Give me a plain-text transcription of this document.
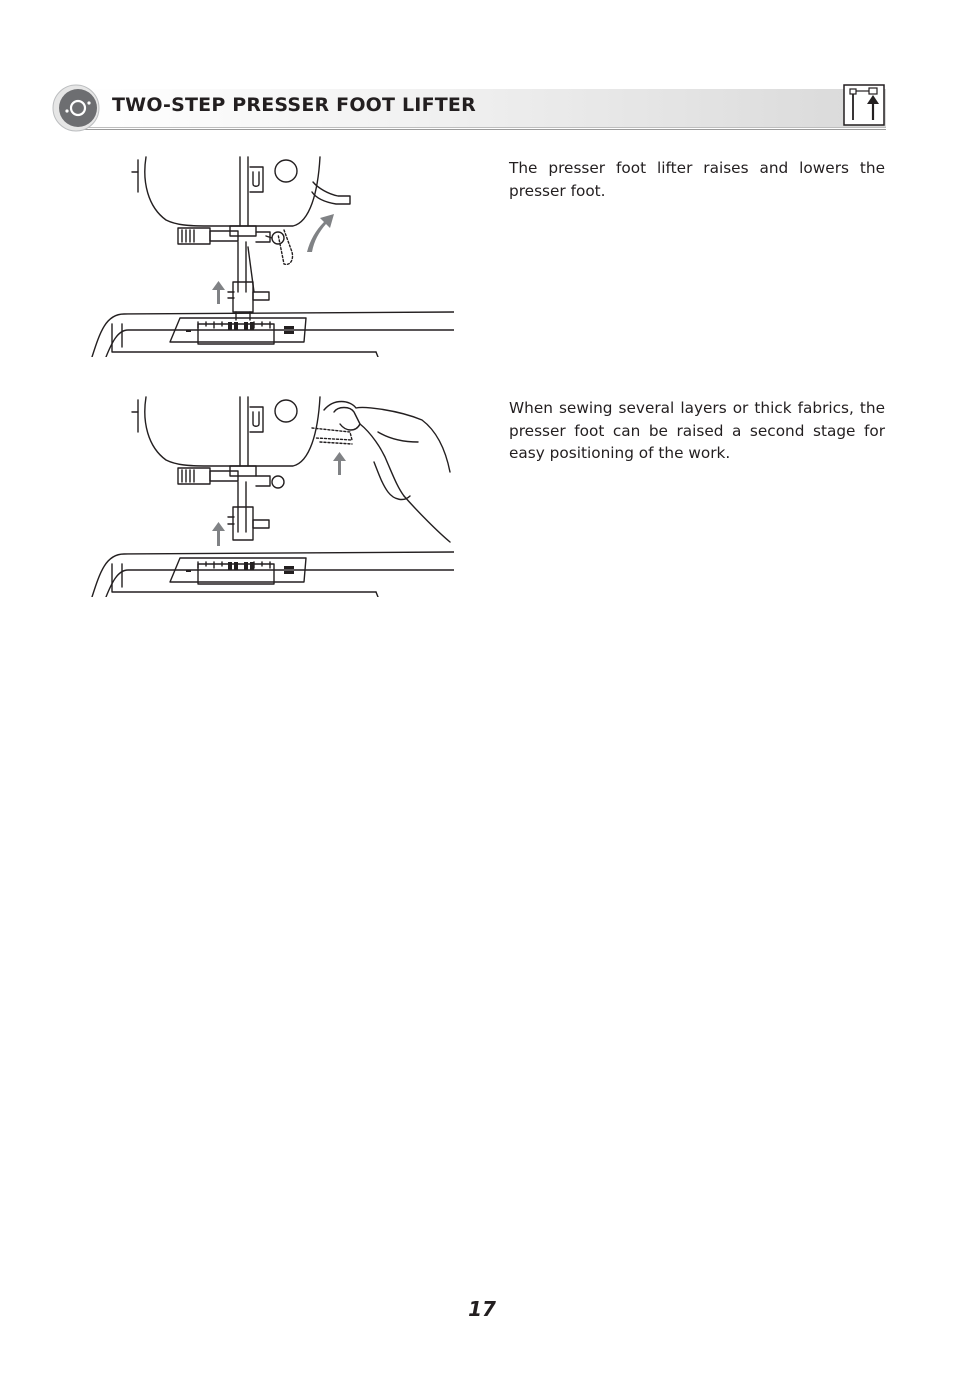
TWO-STEP PRESSER FOOT LIFTER

The presser foot lifter raises and lowers the presser foot.

When sewing several layers or thick fabrics, the presser foot can be raised a second stage for easy positioning of the work.

17
